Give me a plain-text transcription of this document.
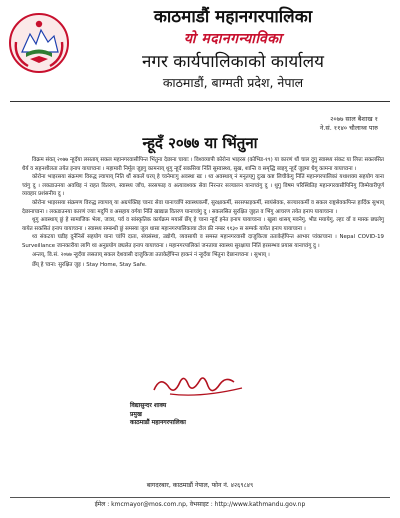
काठमाडौं महानगरपालिका
यो मदानगन्याविका
नगर कार्यपालिकाको कार्यालय
काठमाडौं, बाग्मती प्रदेश, नेपाल
२०७७ साल बैशाख १
ने.सं. ११४० चौलाथ्व पारु
न्हूदँ २०७७ या भिंतुना

विक्रम संवत् २०७७ न्हूदँया लसताय् सकल महानगरवासीपिन्त भिंतुना देछाना चायाः । विश्वव्यापी कोरोना भाइरस (कोभिड-१९) या कारणं थौं चाल दुगु स्वास्थ्य संकट या लित्तः सकलसित धैर्य व सहनशीलता तयेत इनाप यायाच्वना । महामारी निर्मूल जुइगु कामनाय् थुगु न्हूदँ सकसिया निंतिं सुस्वास्थ्य, सुख, शान्ति व समृद्धि ब्वइगु न्हूदँ जुइमा धैगु कामना यायाच्वना ।

कोरोना भाइरसया संक्रमण विरुद्ध ल्वापाय् निति थौं सकलें घरय् हे च्वनेमाःगु अवस्था खः । थ्व अवस्थाय् नं मनूतय्‌गु दुःख कष्ट लिचीकेगु निंतिं महानगरपालिकां यथाशक्य सहयोग याना च्वंगु दु । लकडाउनया अवधिइ नं राहत वितरण, स्वास्थ्य जाँच, सरसफाइ व अत्यावश्यक सेवा निरन्तर सञ्चालन यानाच्वंगु दु । थुगु विषम परिस्थितिइ महानगरवासीपिनिगु जिम्मेवारीपूर्ण व्यवहार प्रशंसनीय दु ।

कोरोना भाइरसया संक्रमण विरुद्ध ल्वापाय्‌ या अग्रपंक्तिइ च्वनाः सेवा यानाच्वंपिं स्वास्थ्यकर्मी, सुरक्षाकर्मी, सरसफाइकर्मी, स्वयंसेवक, सञ्चारकर्मी व सकल राष्ट्रसेवकपिन्त हार्दिक सुभाय् देछानाच्वना । लकडाउनया कारणं ज्याः मदुपिं व असहाय वर्गया निंतिं खाद्यान्न वितरण यानाच्वंगु दु । सकलसित सुरक्षित जुइत व भिंगु आचरण तयेत इनाप यायाच्वना ।

थुगु अवस्थाय् छुं हे सामाजिक भेला, जात्रा, पर्व व सांस्कृतिक कार्यक्रम मयासें छेँय् हे च्वना न्हूदँ हनेत इनाप यायाच्वना । खुला थासय् मवनेगु, भीड मयायेगु, ल्हाः वाँ व मास्क छ्यलेगु यायेत सकसितं इनाप यायाच्वना । स्वास्थ्य सम्बन्धी छुं समस्या जुल धासा महानगरपालिकाया टोल फ्री नम्बर ११३० स सम्पर्क यायेत इनाप यायाच्वना ।

थ्व संकटया घडीइ दुनेंनिसें सहयोग याना च्वंपिं दाता, संघसंस्था, उद्योगी, व्यवसायी व समस्त महानगरवासी दाजुकिजा तताकेहेंपिन्त आभार प्वंकाच्वना । Nepal COVID-19 Surveillance जानकारीया लागि थ्व अनुप्रयोग छ्यलेत इनाप यायाच्वना । महानगरपालिकां जनताया स्वास्थ्य सुरक्षाया निंतिं हरसम्भव प्रयास यानाच्वंगु दु ।

अन्तय्, वि.सं. २०७७ न्हूदँया लसताय् सकल देशवासी दाजुकिजा तताकेहेंपिन्त हाकनं नं न्हूदँया भिंतुना देछानाच्वना । सुभाय् ।

छेँय् हे च्वना: सुरक्षित जुइ । Stay Home, Stay Safe.

विद्यासुन्दर शाक्य
प्रमुख
काठमाडौं महानगरपालिका
बागदरबार, काठमाडौं नेपाल, फोन नं. ४२६९८४९
ईमेल : kmcmayor@mos.com.np, वेभसाइट : http://www.kathmandu.gov.np
